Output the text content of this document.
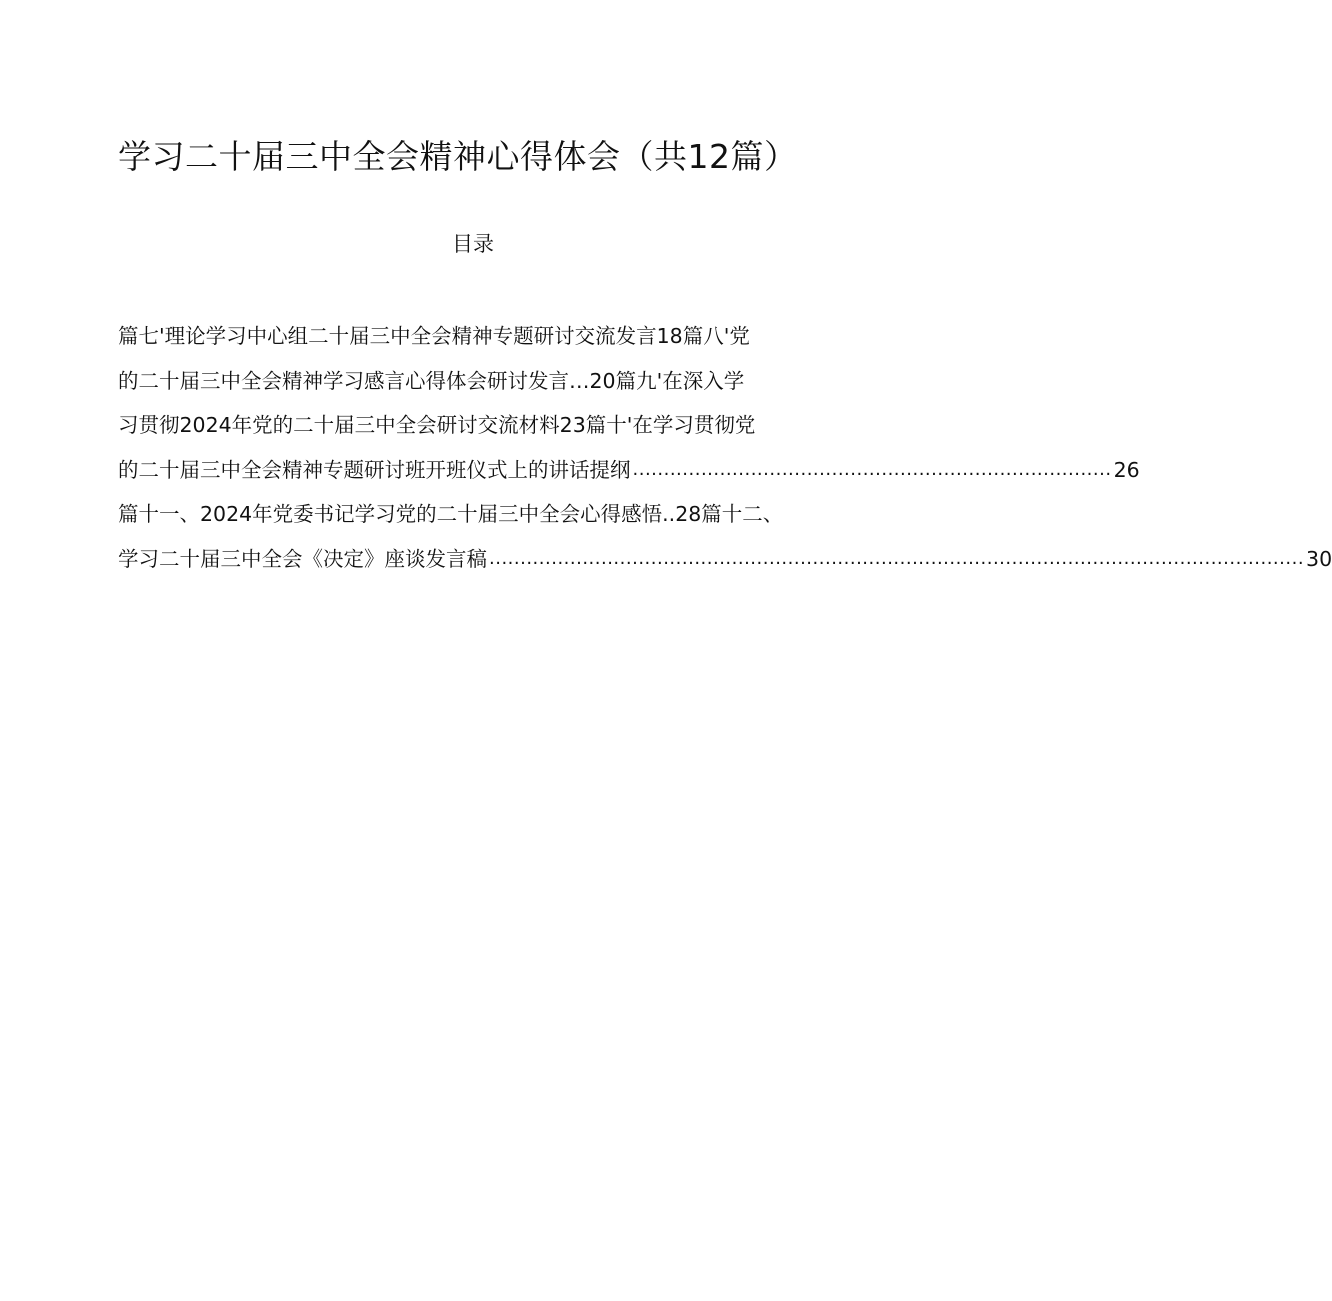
学习二十届三中全会精神心得体会（共12篇）
目录
篇七'理论学习中心组二十届三中全会精神专题研讨交流发言18篇八'党
的二十届三中全会精神学习感言心得体会研讨发言…20篇九'在深入学
习贯彻2024年党的二十届三中全会研讨交流材料23篇十'在学习贯彻党
的二十届三中全会精神专题研讨班开班仪式上的讲话提纲 ............................................................................. 26
篇十一、2024年党委书记学习党的二十届三中全会心得感悟..28篇十二、
学习二十届三中全会《决定》座谈发言稿 ................................................................................................................................... 30
